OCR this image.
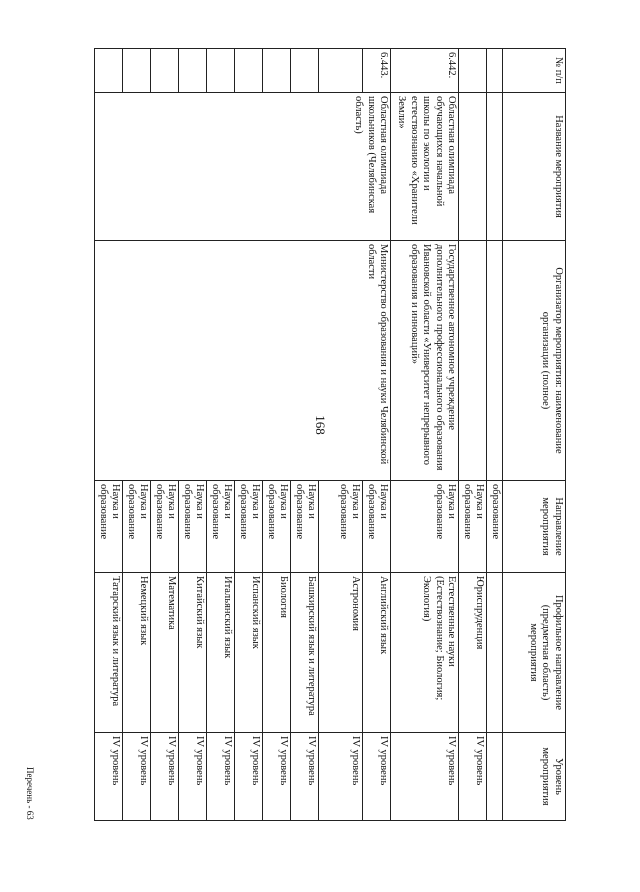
168
№ п/п	Название мероприятия	Организатор мероприятия: наименование организации (полное)	Направление мероприятия	Профильное направление (предметная область) мероприятия	Уровень мероприятия
			образование		
			Наука и образование	Юриспруденция	IV уровень
6.442.	Областная олимпиада обучающихся начальной школы по экологии и естествознанию «Хранители Земли»	Государственное автономное учреждение дополнительного профессионального образования Ивановской области «Университет непрерывного образования и инноваций»	Наука и образование	Естественные науки (Естествознание; Биология; Экология)	IV уровень
6.443.	Областная олимпиада школьников (Челябинская область)	Министерство образования и науки Челябинской области	Наука и образование	Английский язык	IV уровень
			Наука и образование	Астрономия	IV уровень
			Наука и образование	Башкирский язык и литература	IV уровень
			Наука и образование	Биология	IV уровень
			Наука и образование	Испанский язык	IV уровень
			Наука и образование	Итальянский язык	IV уровень
			Наука и образование	Китайский язык	IV уровень
			Наука и образование	Математика	IV уровень
			Наука и образование	Немецкий язык	IV уровень
			Наука и образование	Татарский язык и литература	IV уровень
Перечень - 63
